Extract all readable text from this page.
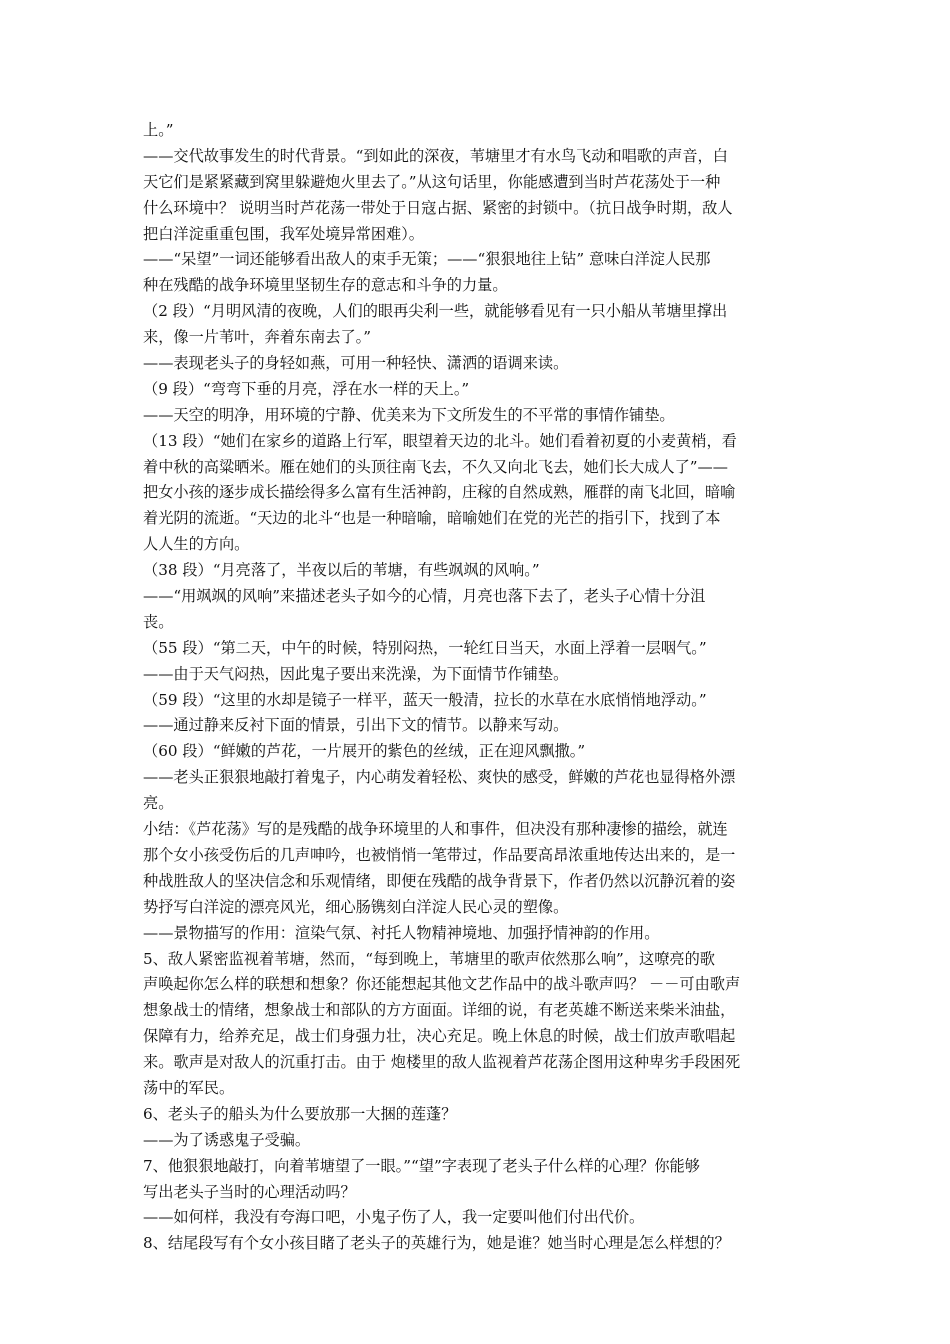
上。”
——交代故事发生的时代背景。“到如此的深夜，苇塘里才有水鸟飞动和唱歌的声音，白
天它们是紧紧藏到窝里躲避炮火里去了。”从这句话里，你能感遭到当时芦花荡处于一种
什么环境中？ 说明当时芦花荡一带处于日寇占据、紧密的封锁中。（抗日战争时期，敌人
把白洋淀重重包围，我军处境异常困难）。
——“呆望”一词还能够看出敌人的束手无策；——“狠狠地往上钻” 意味白洋淀人民那
种在残酷的战争环境里坚韧生存的意志和斗争的力量。
（2 段）“月明风清的夜晚，人们的眼再尖利一些，就能够看见有一只小船从苇塘里撑出
来，像一片苇叶，奔着东南去了。”
——表现老头子的身轻如燕，可用一种轻快、潇洒的语调来读。
（9 段）“弯弯下垂的月亮，浮在水一样的天上。”
——天空的明净，用环境的宁静、优美来为下文所发生的不平常的事情作铺垫。
（13 段）“她们在家乡的道路上行军，眼望着天边的北斗。她们看着初夏的小麦黄梢，看
着中秋的高粱晒米。雁在她们的头顶往南飞去，不久又向北飞去，她们长大成人了”——
把女小孩的逐步成长描绘得多么富有生活神韵，庄稼的自然成熟，雁群的南飞北回，暗喻
着光阴的流逝。“天边的北斗“也是一种暗喻，暗喻她们在党的光芒的指引下，找到了本
人人生的方向。
（38 段）“月亮落了，半夜以后的苇塘，有些飒飒的风响。”
——“用飒飒的风响”来描述老头子如今的心情，月亮也落下去了，老头子心情十分沮
丧。
（55 段）“第二天，中午的时候，特别闷热，一轮红日当天，水面上浮着一层咽气。”
——由于天气闷热，因此鬼子要出来洗澡，为下面情节作铺垫。
（59 段）“这里的水却是镜子一样平，蓝天一般清，拉长的水草在水底悄悄地浮动。”
——通过静来反衬下面的情景，引出下文的情节。以静来写动。
（60 段）“鲜嫩的芦花，一片展开的紫色的丝绒，正在迎风飘撒。”
——老头正狠狠地敲打着鬼子，内心萌发着轻松、爽快的感受，鲜嫩的芦花也显得格外漂
亮。
小结：《芦花荡》写的是残酷的战争环境里的人和事件，但决没有那种凄惨的描绘，就连
那个女小孩受伤后的几声呻吟，也被悄悄一笔带过，作品要高昂浓重地传达出来的，是一
种战胜敌人的坚决信念和乐观情绪，即便在残酷的战争背景下，作者仍然以沉静沉着的姿
势抒写白洋淀的漂亮风光，细心肠镌刻白洋淀人民心灵的塑像。
——景物描写的作用：渲染气氛、衬托人物精神境地、加强抒情神韵的作用。
5、敌人紧密监视着苇塘，然而，“每到晚上，苇塘里的歌声依然那么响”，这嘹亮的歌
声唤起你怎么样的联想和想象？你还能想起其他文艺作品中的战斗歌声吗？ －－可由歌声
想象战士的情绪，想象战士和部队的方方面面。详细的说，有老英雄不断送来柴米油盐，
保障有力，给养充足，战士们身强力壮，决心充足。晚上休息的时候，战士们放声歌唱起
来。歌声是对敌人的沉重打击。由于 炮楼里的敌人监视着芦花荡企图用这种卑劣手段困死
荡中的军民。
6、老头子的船头为什么要放那一大捆的莲蓬？
——为了诱惑鬼子受骗。
7、他狠狠地敲打，向着苇塘望了一眼。”“望”字表现了老头子什么样的心理？你能够
写出老头子当时的心理活动吗？
——如何样，我没有夸海口吧，小鬼子伤了人，我一定要叫他们付出代价。
8、结尾段写有个女小孩目睹了老头子的英雄行为，她是谁？她当时心理是怎么样想的？
